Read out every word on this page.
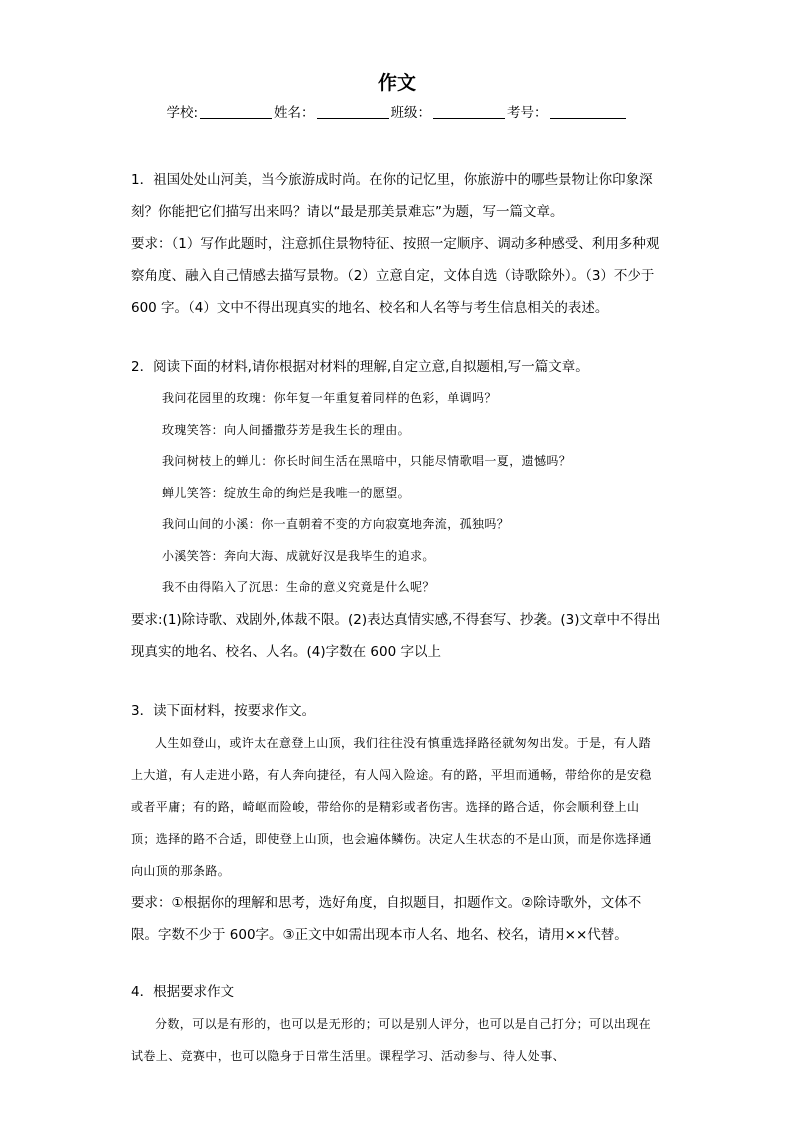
作文
学校:	姓名：	班级：	考号：

1．祖国处处山河美，当今旅游成时尚。在你的记忆里，你旅游中的哪些景物让你印象深刻？你能把它们描写出来吗？请以“最是那美景难忘”为题，写一篇文章。

要求：（1）写作此题时，注意抓住景物特征、按照一定顺序、调动多种感受、利用多种观察角度、融入自己情感去描写景物。（2）立意自定，文体自选（诗歌除外）。（3）不少于 600 字。（4）文中不得出现真实的地名、校名和人名等与考生信息相关的表述。

2．阅读下面的材料,请你根据对材料的理解,自定立意,自拟题相,写一篇文章。

我问花园里的玫瑰：你年复一年重复着同样的色彩，单调吗？

玫瑰笑答：向人间播撒芬芳是我生长的理由。

我问树枝上的蝉儿：你长时间生活在黑暗中，只能尽情歌唱一夏，遗憾吗？

蝉儿笑答：绽放生命的绚烂是我唯一的愿望。

我问山间的小溪：你一直朝着不变的方向寂寞地奔流，孤独吗？

小溪笑答：奔向大海、成就好汉是我毕生的追求。

我不由得陷入了沉思：生命的意义究竟是什么呢？

要求:(1)除诗歌、戏剧外,体裁不限。(2)表达真情实感,不得套写、抄袭。(3)文章中不得出现真实的地名、校名、人名。(4)字数在 600 字以上

3．读下面材料，按要求作文。

人生如登山，或许太在意登上山顶，我们往往没有慎重选择路径就匆匆出发。于是，有人踏上大道，有人走进小路，有人奔向捷径，有人闯入险途。有的路，平坦而通畅，带给你的是安稳或者平庸；有的路，崎岖而险峻，带给你的是精彩或者伤害。选择的路合适，你会顺利登上山顶；选择的路不合适，即使登上山顶，也会遍体鳞伤。决定人生状态的不是山顶，而是你选择通向山顶的那条路。

要求：①根据你的理解和思考，选好角度，自拟题目，扣题作文。②除诗歌外，文体不限。字数不少于 600字。③正文中如需出现本市人名、地名、校名，请用××代替。

4．根据要求作文

分数，可以是有形的，也可以是无形的；可以是别人评分，也可以是自己打分；可以出现在试卷上、竞赛中，也可以隐身于日常生活里。课程学习、活动参与、待人处事、
